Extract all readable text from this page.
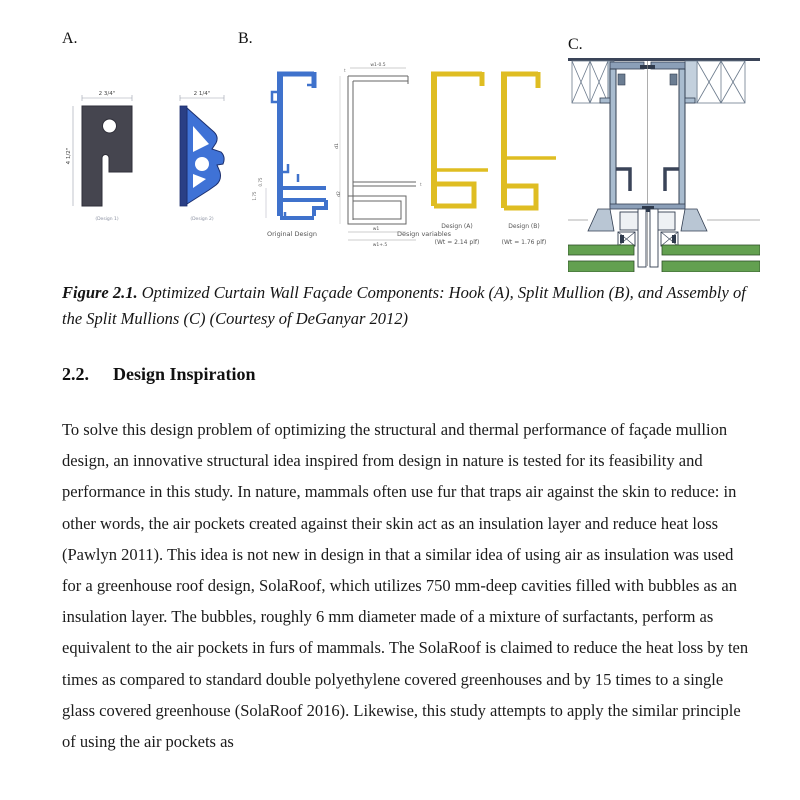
A.	B.	C.
2 3/4"
4 1/2"
(Design 1)
2 1/4"
(Design 2)
1.75
0.75
Original Design
w1-0.5
t
d1
d2
t
w1
w1+.5
Design variables
Design (A)
(Wt = 2.14 plf)
Design (B)
(Wt = 1.76 plf)
Figure 2.1. Optimized Curtain Wall Façade Components: Hook (A), Split Mullion (B), and Assembly of the Split Mullions (C) (Courtesy of DeGanyar 2012)
2.2. Design Inspiration
To solve this design problem of optimizing the structural and thermal performance of façade mullion design, an innovative structural idea inspired from design in nature is tested for its feasibility and performance in this study. In nature, mammals often use fur that traps air against the skin to reduce: in other words, the air pockets created against their skin act as an insulation layer and reduce heat loss (Pawlyn 2011). This idea is not new in design in that a similar idea of using air as insulation was used for a greenhouse roof design, SolaRoof, which utilizes 750 mm-deep cavities filled with bubbles as an insulation layer. The bubbles, roughly 6 mm diameter made of a mixture of surfactants, perform as equivalent to the air pockets in furs of mammals. The SolaRoof is claimed to reduce the heat loss by ten times as compared to standard double polyethylene covered greenhouses and by 15 times to a single glass covered greenhouse (SolaRoof 2016). Likewise, this study attempts to apply the similar principle of using the air pockets as
